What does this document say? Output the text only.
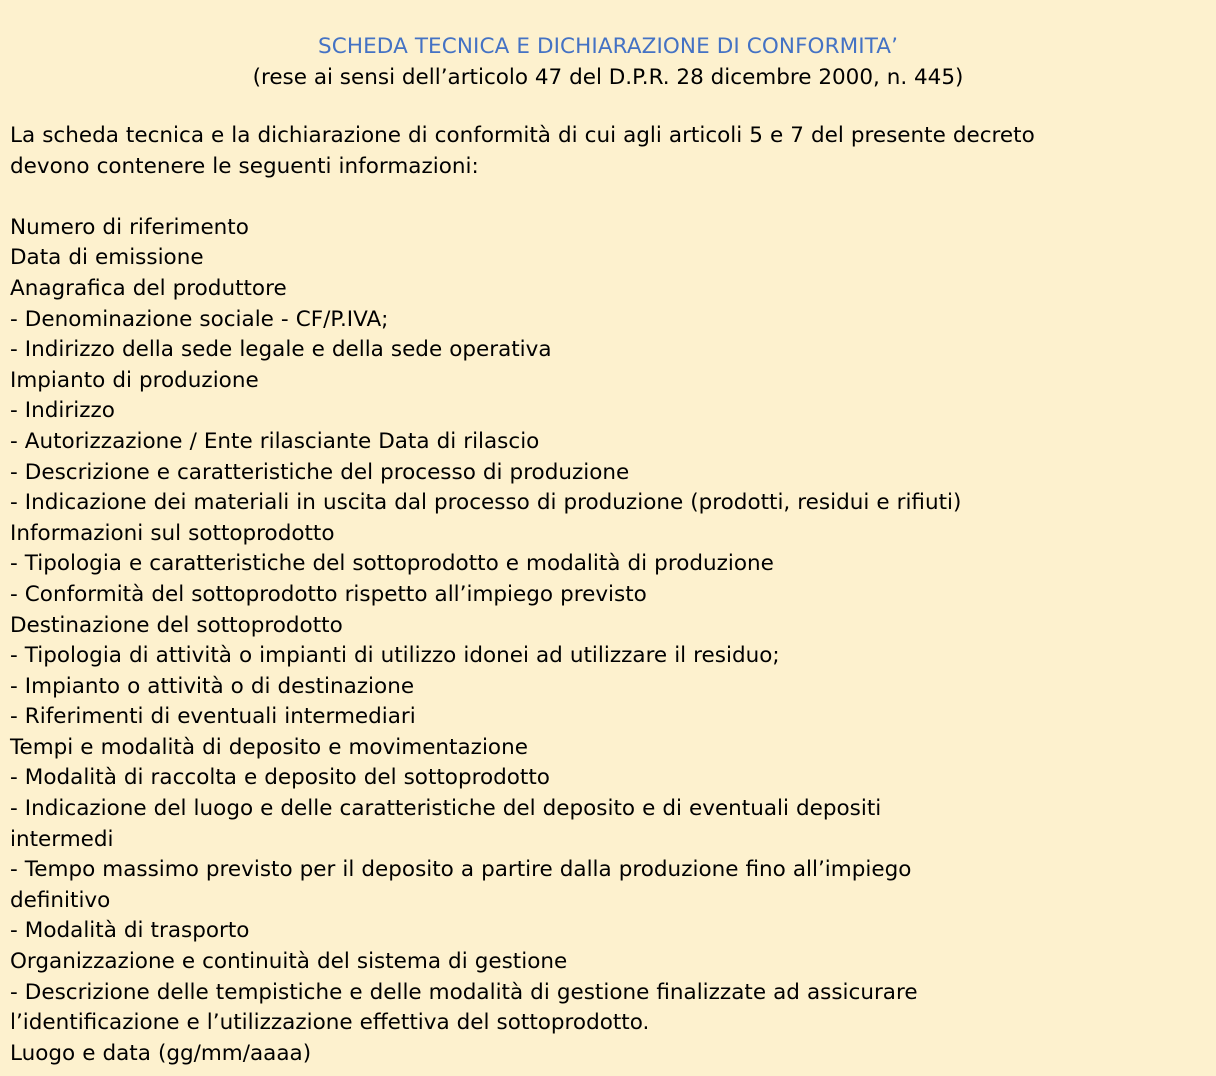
SCHEDA TECNICA E DICHIARAZIONE DI CONFORMITA’
(rese ai sensi dell’articolo 47 del D.P.R. 28 dicembre 2000, n. 445)
La scheda tecnica e la dichiarazione di conformità di cui agli articoli 5 e 7 del presente decreto
devono contenere le seguenti informazioni:
Numero di riferimento
Data di emissione
Anagrafica del produttore
- Denominazione sociale - CF/P.IVA;
- Indirizzo della sede legale e della sede operativa
Impianto di produzione
- Indirizzo
- Autorizzazione / Ente rilasciante Data di rilascio
- Descrizione e caratteristiche del processo di produzione
- Indicazione dei materiali in uscita dal processo di produzione (prodotti, residui e rifiuti)
Informazioni sul sottoprodotto
- Tipologia e caratteristiche del sottoprodotto e modalità di produzione
- Conformità del sottoprodotto rispetto all’impiego previsto
Destinazione del sottoprodotto
- Tipologia di attività o impianti di utilizzo idonei ad utilizzare il residuo;
- Impianto o attività o di destinazione
- Riferimenti di eventuali intermediari
Tempi e modalità di deposito e movimentazione
- Modalità di raccolta e deposito del sottoprodotto
- Indicazione del luogo e delle caratteristiche del deposito e di eventuali depositi intermedi
- Tempo massimo previsto per il deposito a partire dalla produzione fino all’impiego definitivo
- Modalità di trasporto
Organizzazione e continuità del sistema di gestione
- Descrizione delle tempistiche e delle modalità di gestione finalizzate ad assicurare l’identificazione e l’utilizzazione effettiva del sottoprodotto.
Luogo e data (gg/mm/aaaa)
